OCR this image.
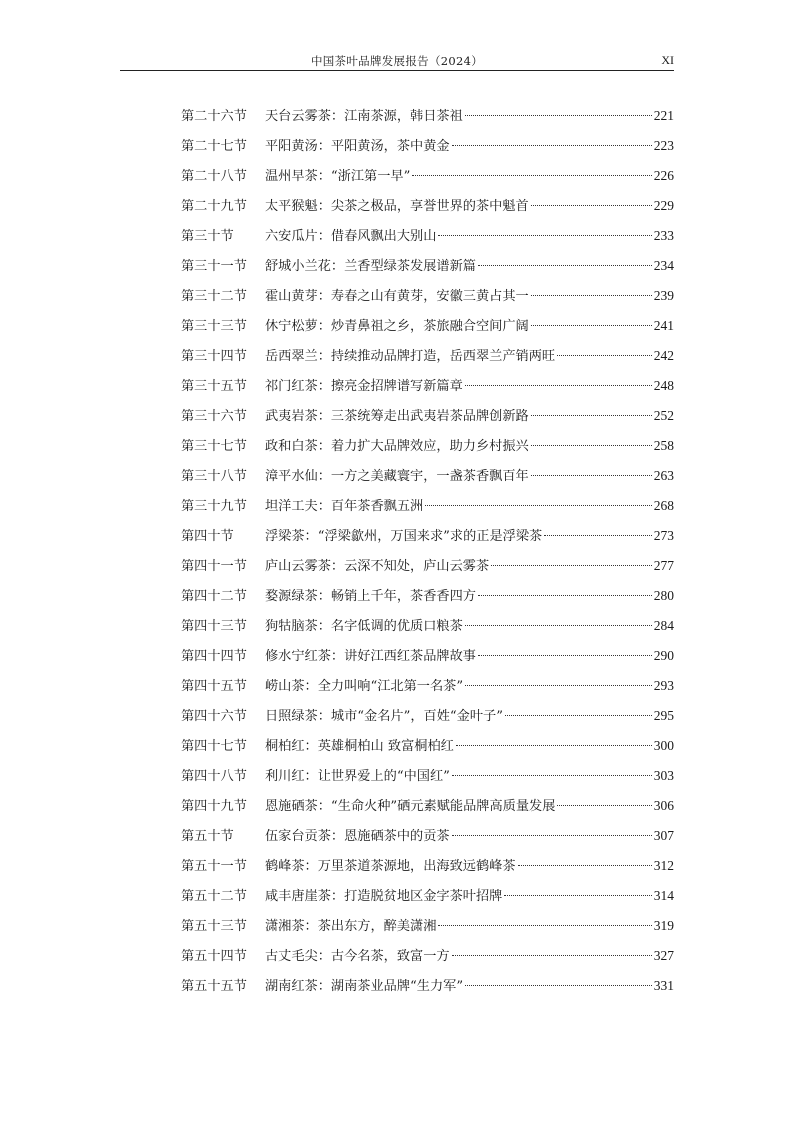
中国茶叶品牌发展报告（2024）	XI
第二十六节	天台云雾茶：江南茶源，韩日茶祖	221
第二十七节	平阳黄汤：平阳黄汤，茶中黄金	223
第二十八节	温州早茶：“浙江第一早”	226
第二十九节	太平猴魁：尖茶之极品，享誉世界的茶中魁首	229
第三十节	六安瓜片：借春风飘出大别山	233
第三十一节	舒城小兰花：兰香型绿茶发展谱新篇	234
第三十二节	霍山黄芽：寿春之山有黄芽，安徽三黄占其一	239
第三十三节	休宁松萝：炒青鼻祖之乡，茶旅融合空间广阔	241
第三十四节	岳西翠兰：持续推动品牌打造，岳西翠兰产销两旺	242
第三十五节	祁门红茶：擦亮金招牌谱写新篇章	248
第三十六节	武夷岩茶：三茶统筹走出武夷岩茶品牌创新路	252
第三十七节	政和白茶：着力扩大品牌效应，助力乡村振兴	258
第三十八节	漳平水仙：一方之美藏寰宇，一盏茶香飘百年	263
第三十九节	坦洋工夫：百年茶香飘五洲	268
第四十节	浮梁茶：“浮梁歙州，万国来求”求的正是浮梁茶	273
第四十一节	庐山云雾茶：云深不知处，庐山云雾茶	277
第四十二节	婺源绿茶：畅销上千年，茶香香四方	280
第四十三节	狗牯脑茶：名字低调的优质口粮茶	284
第四十四节	修水宁红茶：讲好江西红茶品牌故事	290
第四十五节	崂山茶：全力叫响“江北第一名茶”	293
第四十六节	日照绿茶：城市“金名片”，百姓“金叶子”	295
第四十七节	桐柏红：英雄桐柏山 致富桐柏红	300
第四十八节	利川红：让世界爱上的“中国红”	303
第四十九节	恩施硒茶：“生命火种”硒元素赋能品牌高质量发展	306
第五十节	伍家台贡茶：恩施硒茶中的贡茶	307
第五十一节	鹤峰茶：万里茶道茶源地，出海致远鹤峰茶	312
第五十二节	咸丰唐崖茶：打造脱贫地区金字茶叶招牌	314
第五十三节	潇湘茶：茶出东方，醉美潇湘	319
第五十四节	古丈毛尖：古今名茶，致富一方	327
第五十五节	湖南红茶：湖南茶业品牌“生力军”	331
